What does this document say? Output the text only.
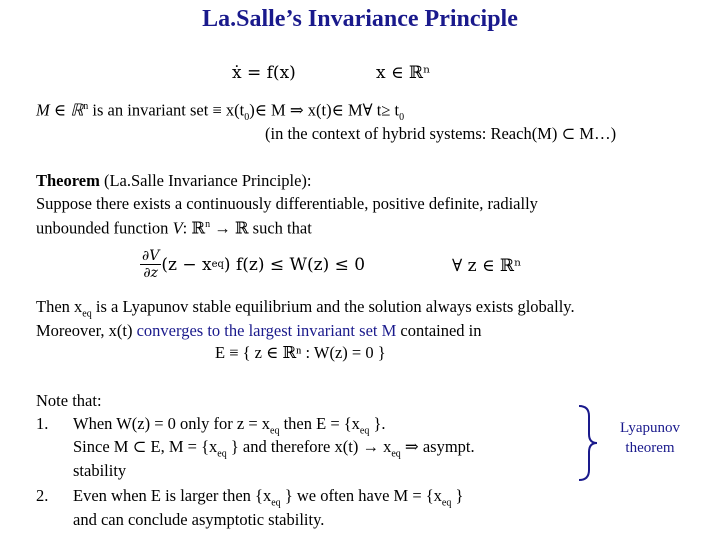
La.Salle’s Invariance Principle
ẋ = f(x)	x ∈ ℝⁿ
M ∈ ℝ$^n$ is an invariant set ≡ $x(t_0)\in$ M ⇒ x(t)∈ M∀ $t\ge t_0$
(in the context of hybrid systems: Reach(M) ⊂ M…)
Theorem (La.Salle Invariance Principle):
Suppose there exists a continuously differentiable, positive definite, radially
unbounded function V: ℝ$^n$ → ℝ such that
$\frac{\partial V}{\partial z} (z - x$ eq ) f(z) ≤ W(z) ≤ 0	∀ z ∈ ℝⁿ
Then $x_{eq}$ is a Lyapunov stable equilibrium and the solution always exists globally.
Moreover, x(t) converges to the largest invariant set M contained in
E ≡ { z ∈ ℝⁿ : W(z) = 0 }
Note that:
1. When W(z) = 0 only for $z = x_{eq}$ then $E = \{x_{eq}$ }.
Since M ⊂ E, $M = \{x_{eq}$ } and therefore $x(t) \to x_{eq}$ ⇒ asympt.
stability
2. Even when E is larger then {$x_{eq}$ } we often have $M = \{x_{eq}$ }
and can conclude asymptotic stability.
Lyapunov
theorem
